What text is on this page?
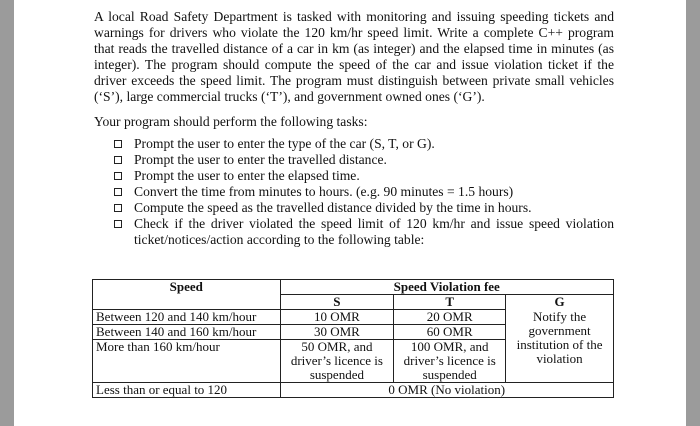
A local Road Safety Department is tasked with monitoring and issuing speeding tickets and warnings for drivers who violate the 120 km/hr speed limit. Write a complete C++ program that reads the travelled distance of a car in km (as integer) and the elapsed time in minutes (as integer). The program should compute the speed of the car and issue violation ticket if the driver exceeds the speed limit. The program must distinguish between private small vehicles (‘S’), large commercial trucks (‘T’), and government owned ones (‘G’).

Your program should perform the following tasks:

Prompt the user to enter the type of the car (S, T, or G).
Prompt the user to enter the travelled distance.
Prompt the user to enter the elapsed time.
Convert the time from minutes to hours. (e.g. 90 minutes = 1.5 hours)
Compute the speed as the travelled distance divided by the time in hours.
Check if the driver violated the speed limit of 120 km/hr and issue speed violation ticket/notices/action according to the following table:
Speed	Speed Violation fee		
	S	T	G
Between 120 and 140 km/hour	10 OMR	20 OMR	Notify the government institution of the violation
Between 140 and 160 km/hour	30 OMR	60 OMR	
More than 160 km/hour	50 OMR, and driver’s licence is suspended	100 OMR, and driver’s licence is suspended	
Less than or equal to 120	0 OMR (No violation)		
